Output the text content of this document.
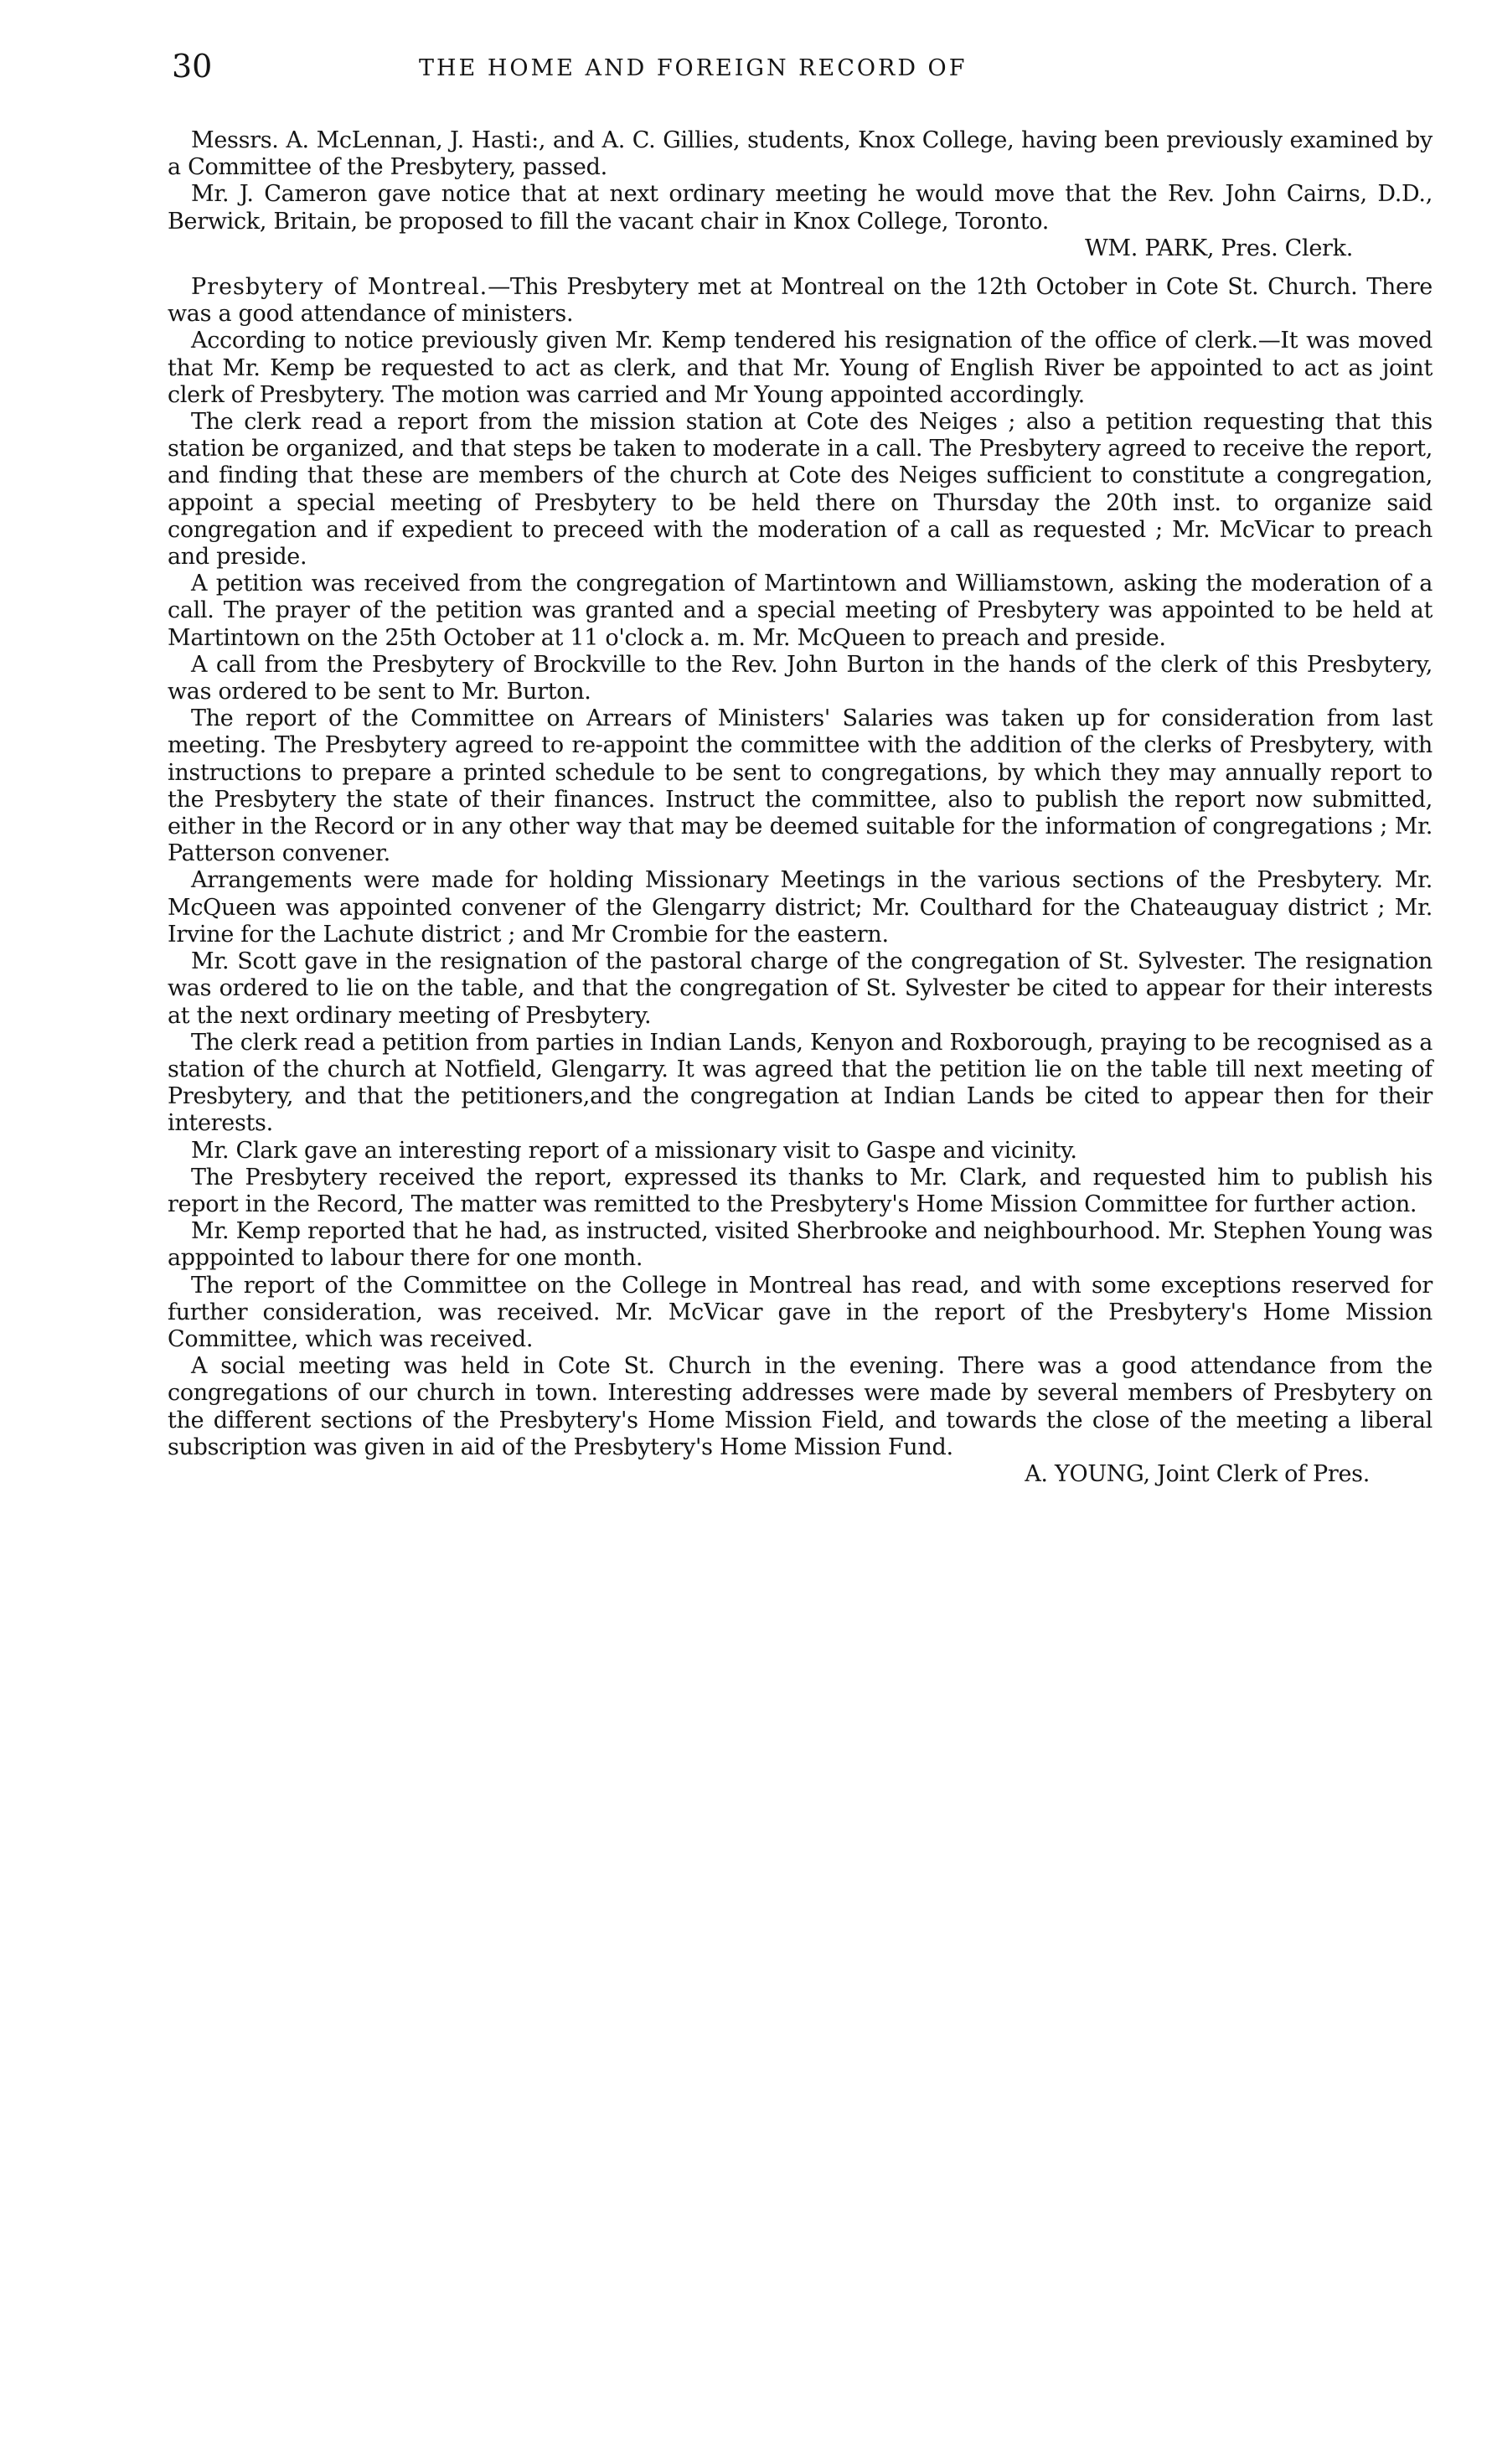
30	THE HOME AND FOREIGN RECORD OF

Messrs. A. McLennan, J. Hasti:, and A. C. Gillies, students, Knox College, having been previously examined by a Committee of the Presbytery, passed.

Mr. J. Cameron gave notice that at next ordinary meeting he would move that the Rev. John Cairns, D.D., Berwick, Britain, be proposed to fill the vacant chair in Knox College, Toronto.

WM. PARK, Pres. Clerk.

Presbytery of Montreal.—This Presbytery met at Montreal on the 12th October in Cote St. Church. There was a good attendance of ministers.

According to notice previously given Mr. Kemp tendered his resignation of the office of clerk.—It was moved that Mr. Kemp be requested to act as clerk, and that Mr. Young of English River be appointed to act as joint clerk of Presbytery. The motion was carried and Mr Young appointed accordingly.

The clerk read a report from the mission station at Cote des Neiges ; also a petition requesting that this station be organized, and that steps be taken to moderate in a call. The Presbytery agreed to receive the report, and finding that these are members of the church at Cote des Neiges sufficient to constitute a congregation, appoint a special meeting of Presbytery to be held there on Thursday the 20th inst. to organize said congregation and if expedient to preceed with the moderation of a call as requested ; Mr. McVicar to preach and preside.

A petition was received from the congregation of Martintown and Williamstown, asking the moderation of a call. The prayer of the petition was granted and a special meeting of Presbytery was appointed to be held at Martintown on the 25th October at 11 o'clock a. m. Mr. McQueen to preach and preside.

A call from the Presbytery of Brockville to the Rev. John Burton in the hands of the clerk of this Presbytery, was ordered to be sent to Mr. Burton.

The report of the Committee on Arrears of Ministers' Salaries was taken up for consideration from last meeting. The Presbytery agreed to re-appoint the committee with the addition of the clerks of Presbytery, with instructions to prepare a printed schedule to be sent to congregations, by which they may annually report to the Presbytery the state of their finances. Instruct the committee, also to publish the report now submitted, either in the Record or in any other way that may be deemed suitable for the information of congregations ; Mr. Patterson convener.

Arrangements were made for holding Missionary Meetings in the various sections of the Presbytery. Mr. McQueen was appointed convener of the Glengarry district; Mr. Coulthard for the Chateauguay district ; Mr. Irvine for the Lachute district ; and Mr Crombie for the eastern.

Mr. Scott gave in the resignation of the pastoral charge of the congregation of St. Sylvester. The resignation was ordered to lie on the table, and that the congregation of St. Sylvester be cited to appear for their interests at the next ordinary meeting of Presbytery.

The clerk read a petition from parties in Indian Lands, Kenyon and Roxborough, praying to be recognised as a station of the church at Notfield, Glengarry. It was agreed that the petition lie on the table till next meeting of Presbytery, and that the petitioners,and the congregation at Indian Lands be cited to appear then for their interests.

Mr. Clark gave an interesting report of a missionary visit to Gaspe and vicinity.

The Presbytery received the report, expressed its thanks to Mr. Clark, and requested him to publish his report in the Record, The matter was remitted to the Presbytery's Home Mission Committee for further action.

Mr. Kemp reported that he had, as instructed, visited Sherbrooke and neighbourhood. Mr. Stephen Young was apppointed to labour there for one month.

The report of the Committee on the College in Montreal has read, and with some exceptions reserved for further consideration, was received. Mr. McVicar gave in the report of the Presbytery's Home Mission Committee, which was received.

A social meeting was held in Cote St. Church in the evening. There was a good attendance from the congregations of our church in town. Interesting addresses were made by several members of Presbytery on the different sections of the Presbytery's Home Mission Field, and towards the close of the meeting a liberal subscription was given in aid of the Presbytery's Home Mission Fund.

A. YOUNG, Joint Clerk of Pres.
